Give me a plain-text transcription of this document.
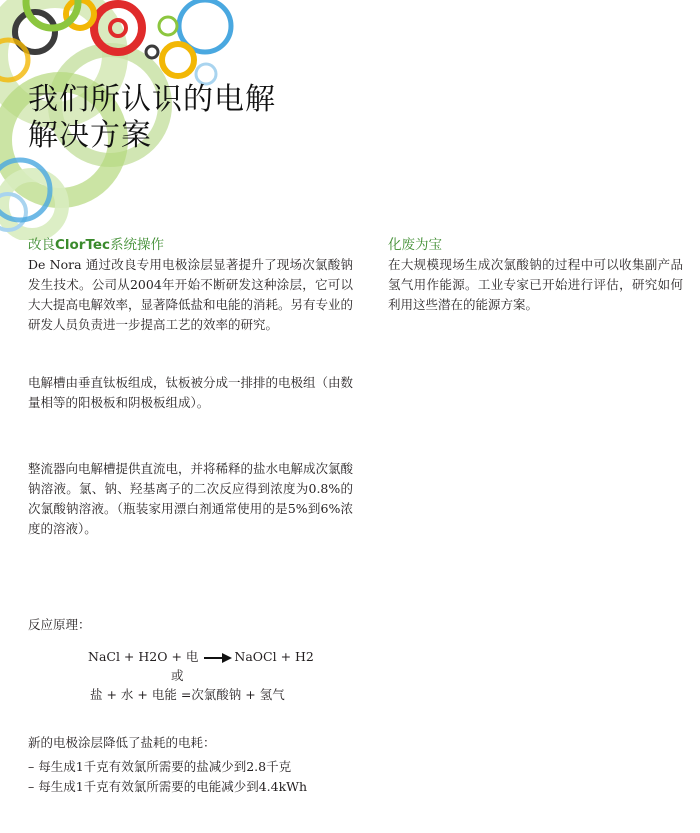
我们所认识的电解
解决方案
改良ClorTec系统操作

De Nora 通过改良专用电极涂层显著提升了现场次氯酸钠发生技术。公司从2004年开始不断研发这种涂层，它可以大大提高电解效率，显著降低盐和电能的消耗。另有专业的研发人员负责进一步提高工艺的效率的研究。

电解槽由垂直钛板组成，钛板被分成一排排的电极组（由数量相等的阳极板和阴极板组成）。

整流器向电解槽提供直流电，并将稀释的盐水电解成次氯酸钠溶液。氯、钠、羟基离子的二次反应得到浓度为0.8%的次氯酸钠溶液。（瓶装家用漂白剂通常使用的是5%到6%浓度的溶液）。

反应原理：

NaCl + H2O + 电	NaOCl + H2
或
盐 + 水 + 电能 =次氯酸钠 + 氢气

新的电极涂层降低了盐耗的电耗：

– 每生成1千克有效氯所需要的盐减少到2.8千克
– 每生成1千克有效氯所需要的电能减少到4.4kWh
化废为宝

在大规模现场生成次氯酸钠的过程中可以收集副产品氢气用作能源。工业专家已开始进行评估，研究如何利用这些潜在的能源方案。
